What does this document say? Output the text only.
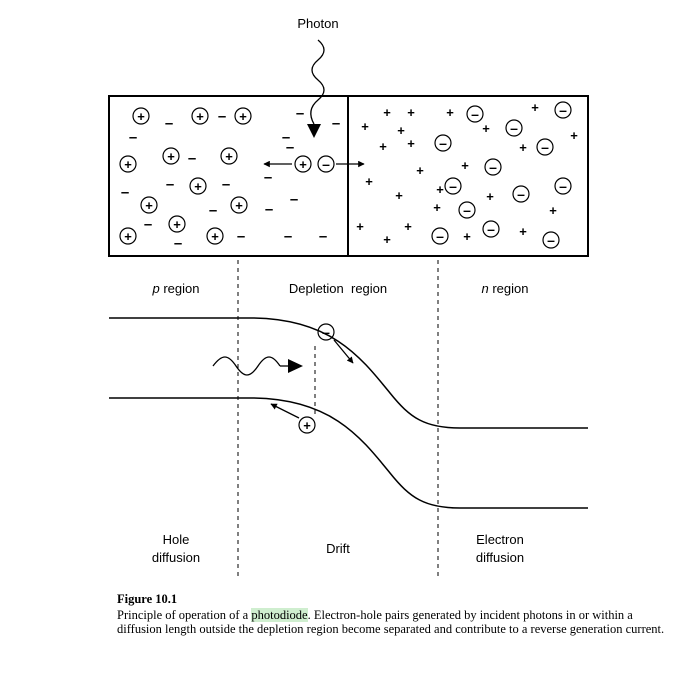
Photon
+	+	+
+	+
+
+
+	+
+
+	+
+
–	–	–
–
–
–
–
–
–	– –
–	–
–
–
–
–	–	– –
–
–	–
–
–
–
–
–	– –
–
–	–
–
+ + +	+
+ +	+	+
+ +	+
+
+
+
+
+	+
+
+
+	+
+	+	+
p region	Depletion  region	n region
–
+
Hole
diffusion
Drift
Electron
diffusion
Figure 10.1
Principle of operation of a photodiode. Electron-hole pairs generated by incident photons in or within a diffusion length outside the depletion region become separated and contribute to a reverse generation current.
